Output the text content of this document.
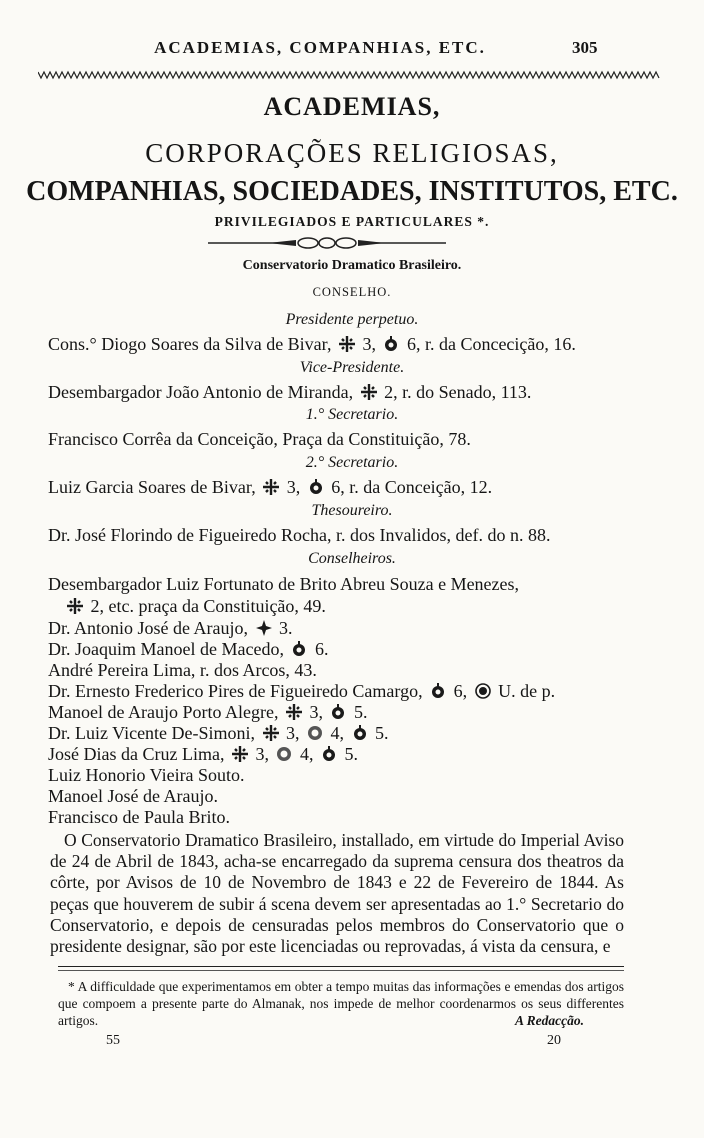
ACADEMIAS, COMPANHIAS, ETC.	305
ACADEMIAS,
CORPORAÇÕES RELIGIOSAS,
COMPANHIAS, SOCIEDADES, INSTITUTOS, ETC.
PRIVILEGIADOS E PARTICULARES *.
Conservatorio Dramatico Brasileiro.
CONSELHO.
Presidente perpetuo.
Cons.° Diogo Soares da Silva de Bivar, 3, 6, r. da Concecição, 16.
Vice-Presidente.
Desembargador João Antonio de Miranda, 2, r. do Senado, 113.
1.° Secretario.
Francisco Corrêa da Conceição, Praça da Constituição, 78.
2.° Secretario.
Luiz Garcia Soares de Bivar, 3, 6, r. da Conceição, 12.
Thesoureiro.
Dr. José Florindo de Figueiredo Rocha, r. dos Invalidos, def. do n. 88.
Conselheiros.
Desembargador Luiz Fortunato de Brito Abreu Souza e Menezes,
2, etc. praça da Constituição, 49.
Dr. Antonio José de Araujo, 3.
Dr. Joaquim Manoel de Macedo, 6.
André Pereira Lima, r. dos Arcos, 43.
Dr. Ernesto Frederico Pires de Figueiredo Camargo, 6, U. de p.
Manoel de Araujo Porto Alegre, 3, 5.
Dr. Luiz Vicente De-Simoni, 3, 4, 5.
José Dias da Cruz Lima, 3, 4, 5.
Luiz Honorio Vieira Souto.
Manoel José de Araujo.
Francisco de Paula Brito.

O Conservatorio Dramatico Brasileiro, installado, em virtude do Imperial Aviso de 24 de Abril de 1843, acha-se encarregado da suprema censura dos theatros da côrte, por Avisos de 10 de Novembro de 1843 e 22 de Fevereiro de 1844. As peças que houverem de subir á scena devem ser apresentadas ao 1.° Secretario do Conservatorio, e depois de censuradas pelos membros do Conservatorio que o presidente designar, são por este licenciadas ou reprovadas, á vista da censura, e

* A difficuldade que experimentamos em obter a tempo muitas das informações e emendas dos artigos que compoem a presente parte do Almanak, nos impede de melhor coordenarmos os seus differentes artigos.	A Redacção.

55	20
